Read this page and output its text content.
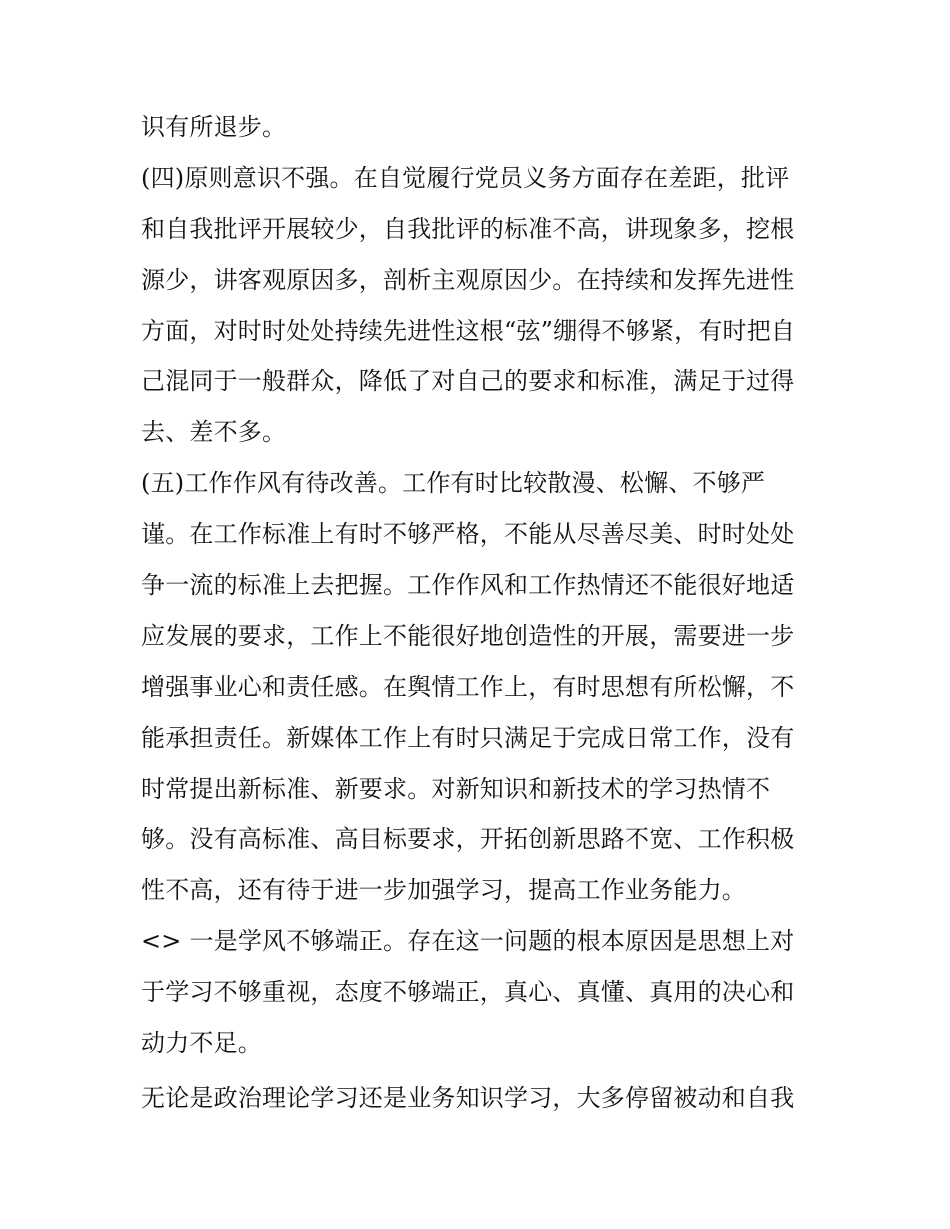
识有所退步。
(四)原则意识不强。在自觉履行党员义务方面存在差距，批评
和自我批评开展较少，自我批评的标准不高，讲现象多，挖根
源少，讲客观原因多，剖析主观原因少。在持续和发挥先进性
方面，对时时处处持续先进性这根“弦”绷得不够紧，有时把自
己混同于一般群众，降低了对自己的要求和标准，满足于过得
去、差不多。
(五)工作作风有待改善。工作有时比较散漫、松懈、不够严
谨。在工作标准上有时不够严格，不能从尽善尽美、时时处处
争一流的标准上去把握。工作作风和工作热情还不能很好地适
应发展的要求，工作上不能很好地创造性的开展，需要进一步
增强事业心和责任感。在舆情工作上，有时思想有所松懈，不
能承担责任。新媒体工作上有时只满足于完成日常工作，没有
时常提出新标准、新要求。对新知识和新技术的学习热情不
够。没有高标准、高目标要求，开拓创新思路不宽、工作积极
性不高，还有待于进一步加强学习，提高工作业务能力。
<> 一是学风不够端正。存在这一问题的根本原因是思想上对
于学习不够重视，态度不够端正，真心、真懂、真用的决心和
动力不足。
无论是政治理论学习还是业务知识学习，大多停留被动和自我
